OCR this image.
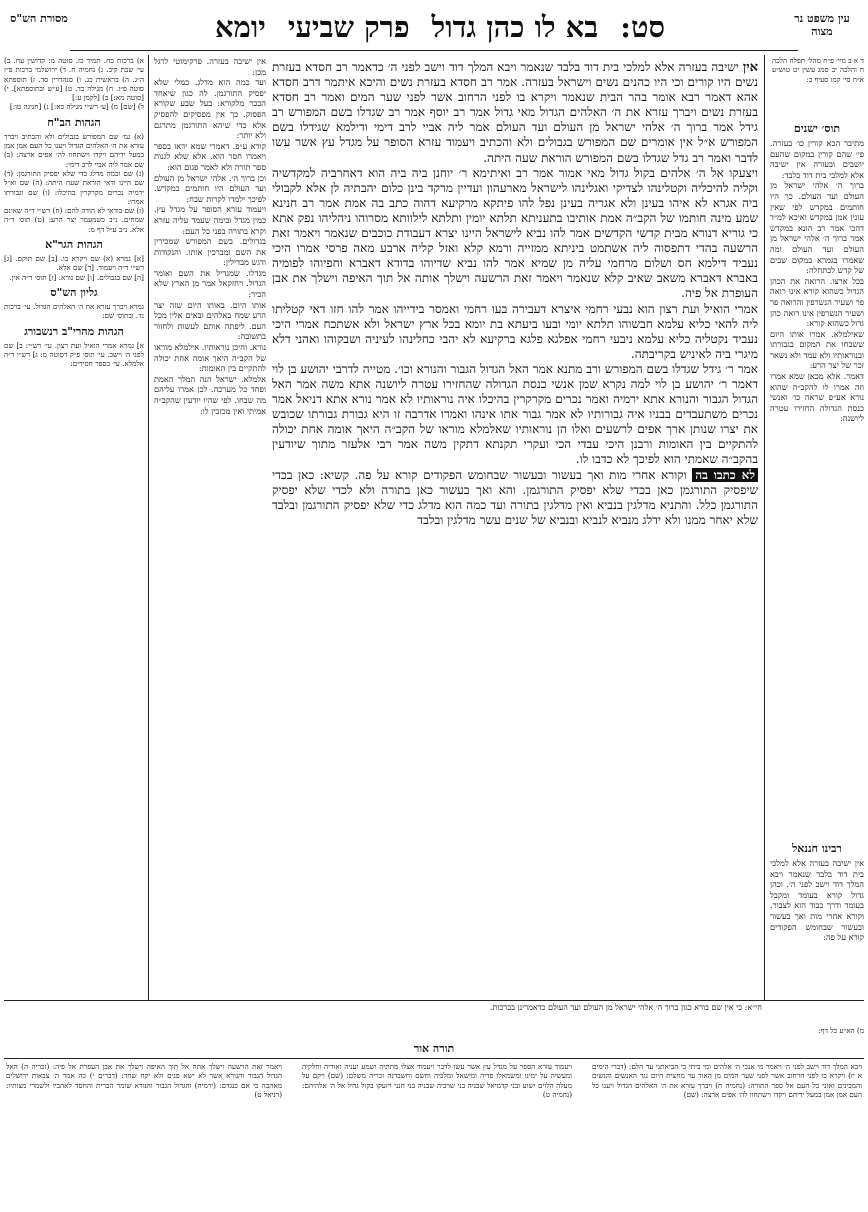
סט:בא לו כהן גדולפרק שביעייומא	עין משפט נר מצוה
מסורת הש"ס

ד א ב מיי׳ פ״ח מהל׳ תפלה הלכה ח והלכה יב סמג עשין יט טוש״ע א״ח סי׳ קמו סעיף ב:

תוס׳ ישנים

מתיבר הכא קורין כו׳ בעזרה. פי׳ שהם קורין במקום שהעם יושבים ובעזרה אין ישיבה אלא למלכי בית דוד בלבד:

ברוך ה׳ אלהי ישראל מן העולם ועד העולם. כך היו חותמים במקדש לפי שאין עונין אמן במקדש ואיכא למ״ד דהכי אמר רב הונא במקדש אמר ברוך ה׳ אלהי ישראל מן העולם ועד העולם ומה שאמרו בגמרא במקום שבים של קדש לכתחלה:

בכל ארצו. הרואה את הכהן הגדול כשהוא קורא אינו רואה פר ושעיר הנשרפין והרואה פר ושעיר הנשרפין אינו רואה כהן גדול כשהוא קורא:

שאילמלא. אמרו אותו היום ששבחו את המקום בגבורתו ובנוראותיו ולא עמד ולא נשאר זכר של יצר הרע:

דאמר. אלא מכאן שמא אמרו וזה אמרו לו להקב״ה שהוא נורא אע״פ שראה כו׳ ואנשי כנסת הגדולה החזירו עטרה ליושנה:

רבינו חננאל

אין ישיבה בעזרה אלא למלכי בית דוד בלבד שנאמר ויבא המלך דוד וישב לפני ה׳. וכהן גדול קורא בעומד ומקבל בעומד ודרך כבוד הוא לצבור. וקורא אחרי מות ואך בעשור ובעשור שבחומש הפקודים קורא על פה:

א) ברכות כח. תמיד כז. סוטה מ: קדושין עח. ב) עי׳ שבת קיב. ג) נחמיה ח. ד) ירושלמי ברכות פ״ז ה״ג. ה) בראשית כג. ו) סנהדרין סד. ז) תוספתא סוטה פ״ז. ח) מגילה כד. ט) [ע״ש ובתוספתא]. י) [סוטה מא:] כ) [לקמן ע:]

ל) [שם] מ) [ע׳ רש״י מגילה כא:] נ) [חגיגה טו:]

הגהות הב"ח

(א) גמ׳ שם המפורש בגבולים ולא והכתיב ויברך עזרא את ה׳ האלהים הגדול ויענו כל העם אמן אמן במעל ידיהם ויקדו וישתחוו לה׳ אפים ארצה: (ב) שם אמר ליה אביי לרב דימי:

(ג) שם וכמה מדלג כדי שלא יפסיק התורגמן: (ד) שם היינו ודאי הוראת שעה היתה: (ה) שם וא״ל ירמיה נכרים מקרקרין בהיכלו: (ו) שם וגבורתו אמרו:

(ז) שם בודאי לא הודה להם: (ח) רש״י ד״ה שאינם שמחים. נ״ב כשמעמר יצר הרע: (ט) תוס׳ ד״ה אלא. נ״ב ע״ל דף מ:

הגהות הגר"א

[א] גמרא (א) שם ויקרא בו. [ב] שם תוקם. [ג] רש״י ד״ה ויעמוד. [ד] שם אלא.

[ה] שם בגבולים. [ו] שם נורא. [ז] תוס׳ ד״ה אין.

גליון הש"ס

גמרא ויברך עזרא את ה׳ האלהים הגדול. עי׳ ברכות נד. ובתוס׳ שם:

הגהות מהרי"ב רנשבורג

א] גמרא אמרי הואיל ועת רצון. עי׳ רש״י: ב] שם לפני ה׳ וישב. עי׳ תוס׳ פ״ק דסוטה מ: ג] רש״י ד״ה אלמלא. עי׳ בספר חסידים:

אין ישיבה בעזרה. פרקימוטי לרגל מכן:

ועד כמה הוא מדלג. כמלי שלא יפסיק התורגמן. לה כגון שיאחד הבכר מלקורא: בעל שבע שקורא הפסוק. כך אין מפסיקים להפסיק אלא כדי שיהא התורגמן מתרגם ולא יותר:

קורא ע״פ. דאמרי שמא יראו בספר ויאמרו חסר הוא. אלא שלא לגנות ספר תורה ולא לאמר פגום הוא:

וכן ברוך ה׳. אלהי ישראל מן העולם ועד העולם היו חותמים במקדש. לפיכך ילמדו לקרות שבח:

ויעמוד עזרא הסופר על מגדל עץ. כמין מגדל ובימה שעמד עליה עזרא וקרא בתורה בפני כל העם:

בגדולים. בשם המפורש שמכירין את השם ומברכין אותו. והנקודות ודגש מבדילין:

מגדלו. שמגדיל את השם ואומר הגדול. ויחזקאל אמר מן הארץ שלא הכיר:

אותו היום. באותו היום שזה יצר הרע שמח באלהים ובאים אליו מכל העם. ליפתה אותם לעשות ולחזור בתשובה:

נורא. והיכן נוראותיו. אילמלא מוראו של הקב״ה היאך אומה אחת יכולה להתקיים בין האומות:

אלמלא. ישראל הנה המלך האמת ופחד כל מערכה. לכן אמרו עליהם מה שבחו. לפי שהיו יודעין שהקב״ה אמיתי ואין מכזבין לו:

אין ישיבה בעזרה אלא למלכי בית דוד בלבד שנאמר ויבא המלך דוד וישב לפני ה׳ כדאמר רב חסדא בעזרת נשים היו קורים וכי היו כהנים נשים וישראל בעזרה. אמר רב חסדא בעזרת נשים והיכא איתמר דרב חסדא אהא דאמר רבא אומר בהר הבית שנאמר ויקרא בו לפני הרחוב אשר לפני שער המים ואמר רב חסדא בעזרת נשים ויברך עזרא את ה׳ האלהים הגדול מאי גדול אמר רב יוסף אמר רב שגדלו בשם המפורש רב גידל אמר ברוך ה׳ אלהי ישראל מן העולם ועד העולם אמר ליה אביי לרב דימי ודילמא שגידלו בשם המפורש א״ל אין אומרים שם המפורש בגבולים ולא והכתיב ויעמוד עזרא הסופר על מגדל עץ אשר עשו לדבר ואמר רב גדל שגדלו בשם המפורש הוראת שעה היתה.

ויצעקו אל ה׳ אלהים בקול גדול מאי אמור אמר רב ואיתימא ר׳ יוחנן ביה ביה הוא דאחרביה למקדשיה וקליה להיכליה וקטלינהו לצדיקי ואגלינהו לישראל מארעהון ועדיין מרקד בינן כלום יהבתיה לן אלא לקבולי ביה אגרא לא איהו בעינן ולא אגריה בעינן נפל להו פיתקא מרקיעא דהוה כתב בה אמת אמר רב חנינא שמע מינה חותמו של הקב״ה אמת אותיבו בתעניתא תלתא יומין ותלתא לילוותא מסרוהו ניהליהו נפק אתא כי גוריא דנורא מבית קדשי הקדשים אמר להו נביא לישראל היינו יצרא דעבודת כוכבים שנאמר ויאמר זאת הרשעה בהדי דתפסוה ליה אשתמט ביניתא ממזייה ורמא קלא ואזל קליה ארבע מאה פרסי אמרו היכי נעביד דילמא חס ושלום מרחמי עליה מן שמיא אמר להו נביא שדיוהו בדודא דאברא וחפיוהו לפומיה באברא דאברא משאב שאיב קלא שנאמר ויאמר זאת הרשעה וישלך אותה אל תוך האיפה וישלך את אבן העופרת אל פיה.

אמרי הואיל ועת רצון הוא נבעי רחמי איצרא דעבירה בעו רחמי ואמסר בידייהו אמר להו חזו דאי קטליתו ליה להאי כליא עלמא חבשוהו תלתא יומי ובעו ביעתא בת יומא בכל ארץ ישראל ולא אשתכח אמרי היכי נעביד נקטליה כליא עלמא ניבעי רחמי אפלגא פלגא ברקיעא לא יהבי כחלינהו לעיניה ושבקוהו ואהני דלא מיגרי ביה לאיניש בקריבתה.

אמר ר׳ גידל שגדלו בשם המפורש ורב מתנא אמר האל הגדול הגבור והנורא וכו׳. מטייה לדרבי יהושע בן לוי דאמר ר׳ יהושע בן לוי למה נקרא שמן אנשי כנסת הגדולה שהחזירו עטרה ליושנה אתא משה אמר האל הגדול הגבור והנורא אתא ירמיה ואמר נכרים מקרקרין בהיכלו איה נוראותיו לא אמר נורא אתא דניאל אמר נכרים משתעבדים בבניו איה גבורותיו לא אמר גבור אתו אינהו ואמרו אדרבה זו היא גבורת גבורתו שכובש את יצרו שנותן ארך אפים לרשעים ואלו הן נוראותיו שאלמלא מוראו של הקב״ה היאך אומה אחת יכולה להתקיים בין האומות ורבנן היכי עבדי הכי ועקרי תקנתא דתקין משה אמר רבי אלעזר מתוך שיודעין בהקב״ה שאמתי הוא לפיכך לא כדבו לו.

לא כתבו בה וקורא אחרי מות ואך בעשור ובעשור שבחומש הפקודים קורא על פה. קשיא: כאן בכדי שיפסיק התורגמן כאן בכדי שלא יפסיק התורגמן. והא ואך בעשור כאן בתורה ולא לכדי שלא יפסיק התורגמן כלל. והתניא מדלגין בנביא ואין מדלגין בתורה ועד כמה הוא מדלג כדי שלא יפסיק התורגמן ובלבד שלא יאחר ממנו ולא ידלג מנביא לנביא ובנביא של שנים עשר מדלגין ובלבד

חי״א: כי אין שם בורא כגון ברוך ה׳ אלהי ישראל מן העולם ועד העולם כדאמרינן בברכות.

מ) הא״ע כל דף:
תורה אור

ויבא המלך דוד וישב לפני ה׳ ויאמר מי אנכי ה׳ אלהים ומי ביתי כי הביאתני עד הלם: (דברי הימים א יז) ויקרא בו לפני הרחוב אשר לפני שער המים מן האור עד מחצית היום נגד האנשים והנשים והמבינים ואזני כל העם אל ספר התורה: (נחמיה ח) ויברך עזרא את ה׳ האלהים הגדול ויענו כל העם אמן אמן במעל ידיהם ויקדו וישתחוו לה׳ אפים ארצה: (שם)

ויעמוד עזרא הספר על מגדל עץ אשר עשו לדבר ויעמוד אצלו מתתיה ושמע ועניה ואוריה וחלקיה ומעשיה על ימינו ומשמאלו פדיה ומישאל ומלכיה וחשם וחשבדנה זכריה משלם: (שם) ויקם על מעלה הלוים ישוע ובני קדמיאל שבניה בני שרביה שבניה בני חנני ויזעקו בקול גדול אל ה׳ אלהיהם: (נחמיה ט)

ויאמר זאת הרשעה וישלך אתה אל תוך האיפה וישלך את אבן העפרת אל פיה: (זכריה ה) האל הגדול הגבור והנורא אשר לא ישא פנים ולא יקח שחד: (דברים י) כה אמר ה׳ צבאות ירושלים מאהבה כי אם כנגדם: (ירמיה) והגדול הגבור והנורא שומר הברית והחסד לאהביו ולשמרי מצותיו: (דניאל ט)
